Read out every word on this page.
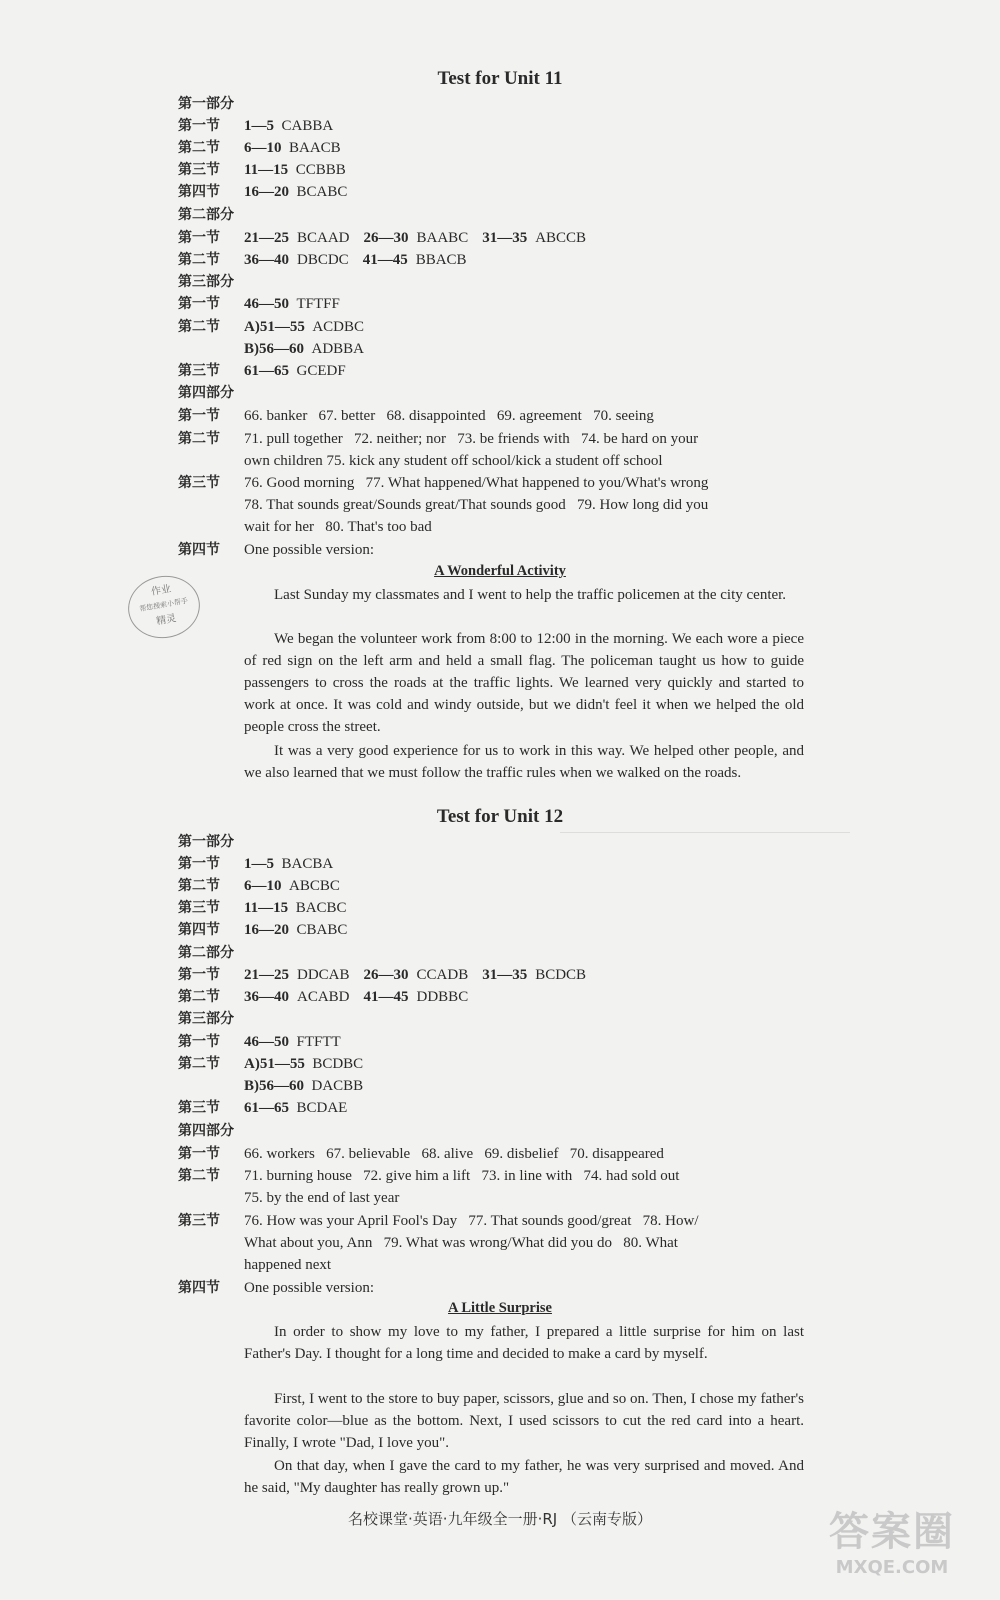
Test for Unit 11
第一部分
第一节 1—5 CABBA
第二节 6—10 BAACB
第三节 11—15 CCBBB
第四节 16—20 BCABC
第二部分
第一节 21—25 BCAAD 26—30 BAABC 31—35 ABCCB
第二节 36—40 DBCDC 41—45 BBACB
第三部分
第一节 46—50 TFTFF
第二节 A)51—55 ACDBC
B)56—60 ADBBA
第三节 61—65 GCEDF
第四部分
第一节 66. banker   67. better   68. disappointed   69. agreement   70. seeing
第二节 71. pull together   72. neither; nor   73. be friends with   74. be hard on your
own children 75. kick any student off school/kick a student off school
第三节 76. Good morning   77. What happened/What happened to you/What's wrong
78. That sounds great/Sounds great/That sounds good   79. How long did you
wait for her   80. That's too bad
第四节 One possible version:
A Wonderful Activity
Last Sunday my classmates and I went to help the traffic policemen at the city center.
We began the volunteer work from 8:00 to 12:00 in the morning. We each wore a piece of red sign on the left arm and held a small flag. The policeman taught us how to guide passengers to cross the roads at the traffic lights. We learned very quickly and started to work at once. It was cold and windy outside, but we didn't feel it when we helped the old people cross the street.
It was a very good experience for us to work in this way. We helped other people, and we also learned that we must follow the traffic rules when we walked on the roads.
作业
帮您搜索小帮手
精灵
Test for Unit 12
第一部分
第一节 1—5 BACBA
第二节 6—10 ABCBC
第三节 11—15 BACBC
第四节 16—20 CBABC
第二部分
第一节 21—25 DDCAB 26—30 CCADB 31—35 BCDCB
第二节 36—40 ACABD 41—45 DDBBC
第三部分
第一节 46—50 FTFTT
第二节 A)51—55 BCDBC
B)56—60 DACBB
第三节 61—65 BCDAE
第四部分
第一节 66. workers   67. believable   68. alive   69. disbelief   70. disappeared
第二节 71. burning house   72. give him a lift   73. in line with   74. had sold out
75. by the end of last year
第三节 76. How was your April Fool's Day   77. That sounds good/great   78. How/
What about you, Ann   79. What was wrong/What did you do   80. What
happened next
第四节 One possible version:
A Little Surprise
In order to show my love to my father, I prepared a little surprise for him on last Father's Day. I thought for a long time and decided to make a card by myself.
First, I went to the store to buy paper, scissors, glue and so on. Then, I chose my father's favorite color—blue as the bottom. Next, I used scissors to cut the red card into a heart. Finally, I wrote "Dad, I love you".
On that day, when I gave the card to my father, he was very surprised and moved. And he said, "My daughter has really grown up."
名校课堂·英语·九年级全一册·RJ （云南专版）	答案圈
MXQE.COM
